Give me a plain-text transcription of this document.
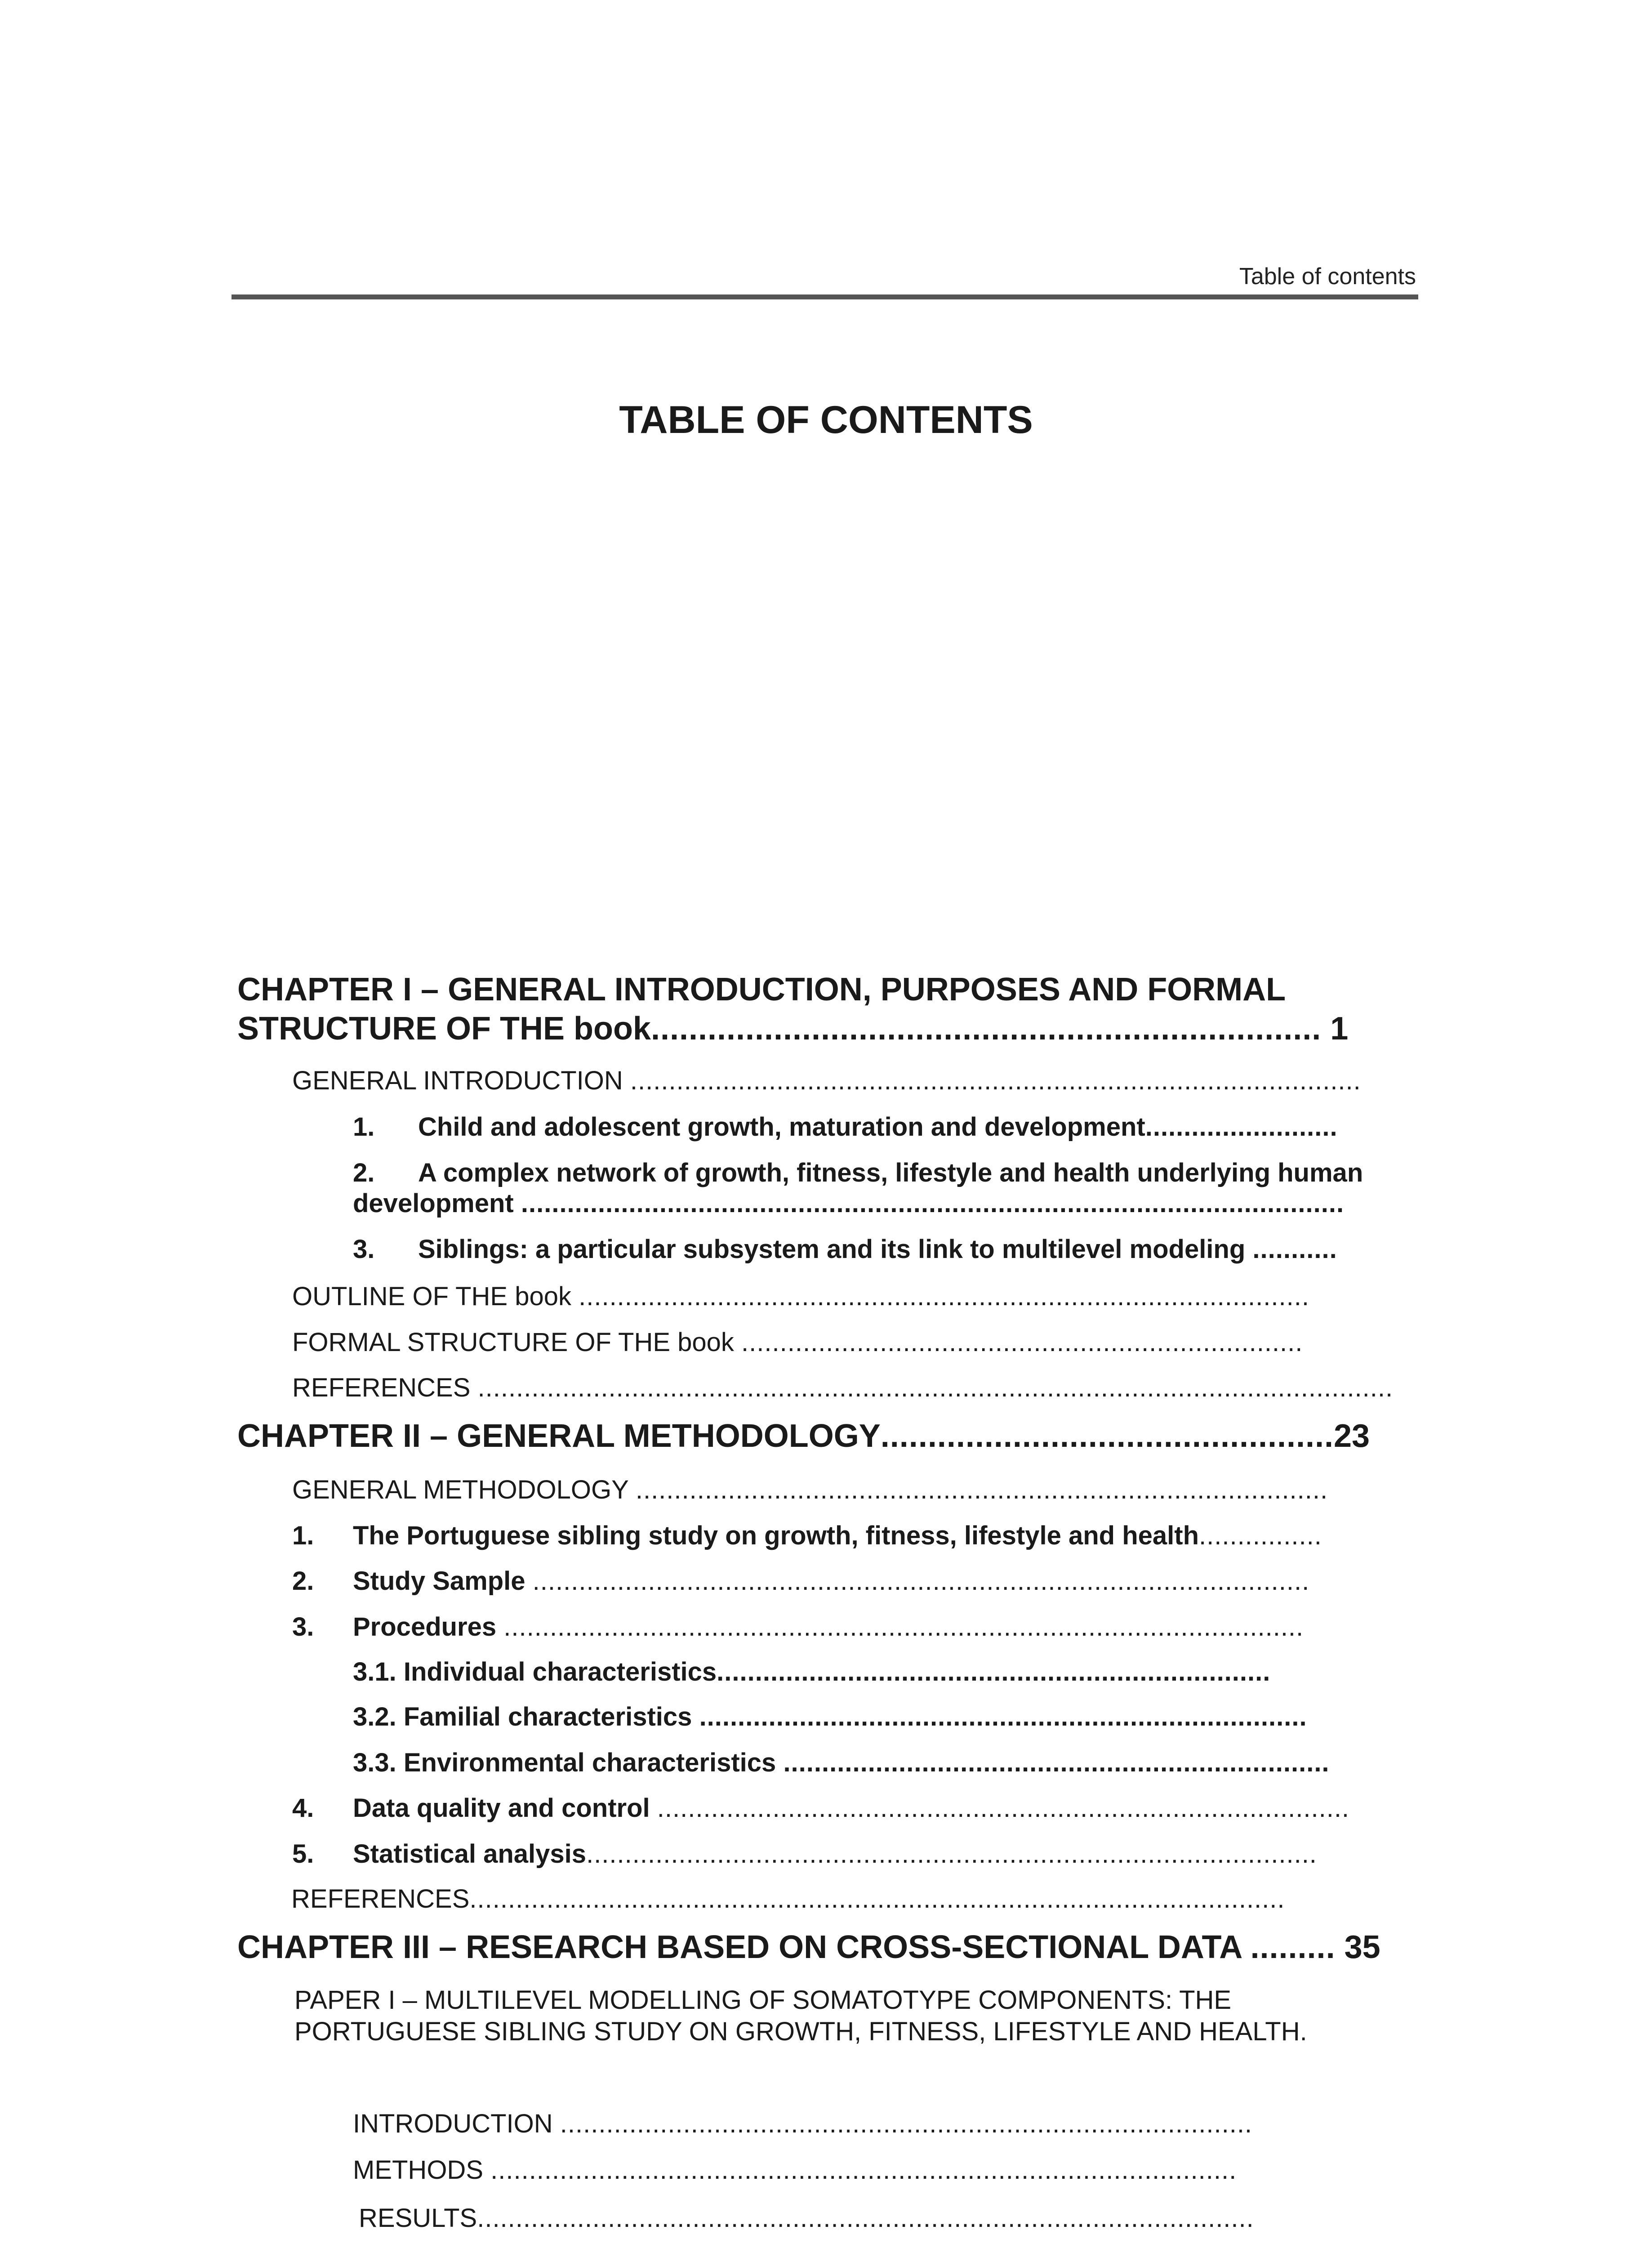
Table of contents
TABLE OF CONTENTS
CHAPTER I – GENERAL INTRODUCTION, PURPOSES AND FORMAL
STRUCTURE OF THE book....................................................................... 1
GENERAL INTRODUCTION ...............................................................................................
1. Child and adolescent growth, maturation and development.........................
2. A complex network of growth, fitness, lifestyle and health underlying human
development ...........................................................................................................
3. Siblings: a particular subsystem and its link to multilevel modeling ...........
OUTLINE OF THE book ...............................................................................................
FORMAL STRUCTURE OF THE book .........................................................................
REFERENCES .......................................................................................................................
CHAPTER II – GENERAL METHODOLOGY................................................23
GENERAL METHODOLOGY ..........................................................................................
1. The Portuguese sibling study on growth, fitness, lifestyle and health................
2. Study Sample .....................................................................................................
3. Procedures ........................................................................................................
3.1. Individual characteristics........................................................................
3.2. Familial characteristics ...............................................................................
3.3. Environmental characteristics .......................................................................
4. Data quality and control ..........................................................................................
5. Statistical analysis...............................................................................................
REFERENCES..........................................................................................................
CHAPTER III – RESEARCH BASED ON CROSS-SECTIONAL DATA ......... 35
PAPER I – MULTILEVEL MODELLING OF SOMATOTYPE COMPONENTS: THE
PORTUGUESE SIBLING STUDY ON GROWTH, FITNESS, LIFESTYLE AND HEALTH.
INTRODUCTION ..........................................................................................
METHODS .................................................................................................
RESULTS.....................................................................................................
